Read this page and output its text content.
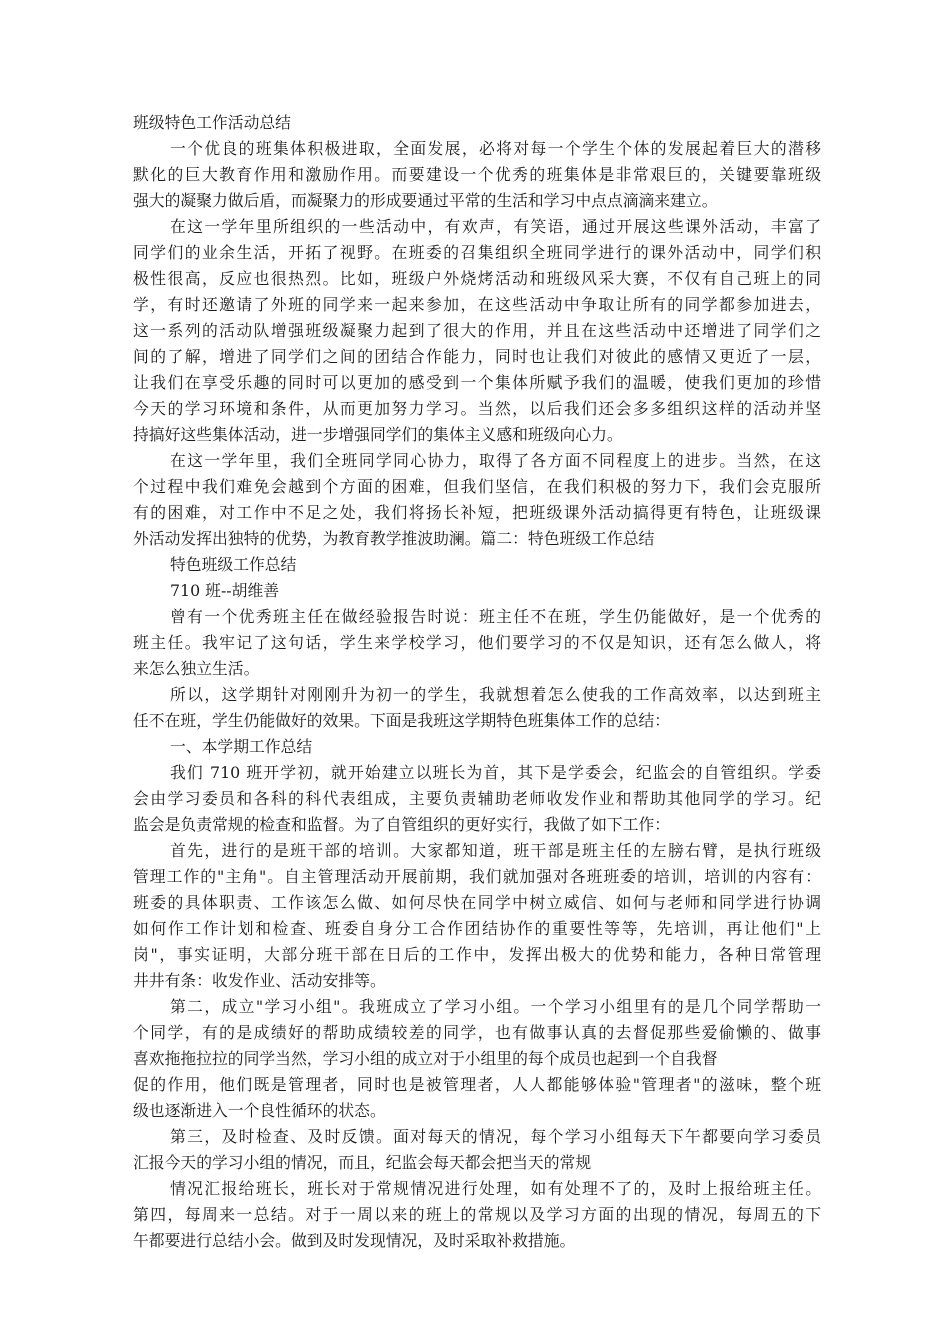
班级特色工作活动总结
一个优良的班集体积极进取，全面发展，必将对每一个学生个体的发展起着巨大的潜移
默化的巨大教育作用和激励作用。而要建设一个优秀的班集体是非常艰巨的，关键要靠班级
强大的凝聚力做后盾，而凝聚力的形成要通过平常的生活和学习中点点滴滴来建立。
在这一学年里所组织的一些活动中，有欢声，有笑语，通过开展这些课外活动，丰富了
同学们的业余生活，开拓了视野。在班委的召集组织全班同学进行的课外活动中，同学们积
极性很高，反应也很热烈。比如，班级户外烧烤活动和班级风采大赛，不仅有自己班上的同
学，有时还邀请了外班的同学来一起来参加，在这些活动中争取让所有的同学都参加进去，
这一系列的活动队增强班级凝聚力起到了很大的作用，并且在这些活动中还增进了同学们之
间的了解，增进了同学们之间的团结合作能力，同时也让我们对彼此的感情又更近了一层，
让我们在享受乐趣的同时可以更加的感受到一个集体所赋予我们的温暖，使我们更加的珍惜
今天的学习环境和条件，从而更加努力学习。当然，以后我们还会多多组织这样的活动并坚
持搞好这些集体活动，进一步增强同学们的集体主义感和班级向心力。
在这一学年里，我们全班同学同心协力，取得了各方面不同程度上的进步。当然，在这
个过程中我们难免会越到个方面的困难，但我们坚信，在我们积极的努力下，我们会克服所
有的困难，对工作中不足之处，我们将扬长补短，把班级课外活动搞得更有特色，让班级课
外活动发挥出独特的优势，为教育教学推波助澜。篇二：特色班级工作总结
特色班级工作总结
710 班--胡维善
曾有一个优秀班主任在做经验报告时说：班主任不在班，学生仍能做好，是一个优秀的
班主任。我牢记了这句话，学生来学校学习，他们要学习的不仅是知识，还有怎么做人，将
来怎么独立生活。
所以，这学期针对刚刚升为初一的学生，我就想着怎么使我的工作高效率，以达到班主
任不在班，学生仍能做好的效果。下面是我班这学期特色班集体工作的总结：
一、本学期工作总结
我们 710 班开学初，就开始建立以班长为首，其下是学委会，纪监会的自管组织。学委
会由学习委员和各科的科代表组成，主要负责辅助老师收发作业和帮助其他同学的学习。纪
监会是负责常规的检查和监督。为了自管组织的更好实行，我做了如下工作：
首先，进行的是班干部的培训。大家都知道，班干部是班主任的左膀右臂，是执行班级
管理工作的"主角"。自主管理活动开展前期，我们就加强对各班班委的培训，培训的内容有：
班委的具体职责、工作该怎么做、如何尽快在同学中树立威信、如何与老师和同学进行协调
如何作工作计划和检查、班委自身分工合作团结协作的重要性等等，先培训，再让他们"上
岗"，事实证明，大部分班干部在日后的工作中，发挥出极大的优势和能力，各种日常管理
井井有条：收发作业、活动安排等。
第二，成立"学习小组"。我班成立了学习小组。一个学习小组里有的是几个同学帮助一
个同学，有的是成绩好的帮助成绩较差的同学，也有做事认真的去督促那些爱偷懒的、做事
喜欢拖拖拉拉的同学当然，学习小组的成立对于小组里的每个成员也起到一个自我督
促的作用，他们既是管理者，同时也是被管理者，人人都能够体验"管理者"的滋味，整个班
级也逐渐进入一个良性循环的状态。
第三，及时检查、及时反馈。面对每天的情况，每个学习小组每天下午都要向学习委员
汇报今天的学习小组的情况，而且，纪监会每天都会把当天的常规
情况汇报给班长，班长对于常规情况进行处理，如有处理不了的，及时上报给班主任。
第四，每周来一总结。对于一周以来的班上的常规以及学习方面的出现的情况，每周五的下
午都要进行总结小会。做到及时发现情况，及时采取补救措施。
